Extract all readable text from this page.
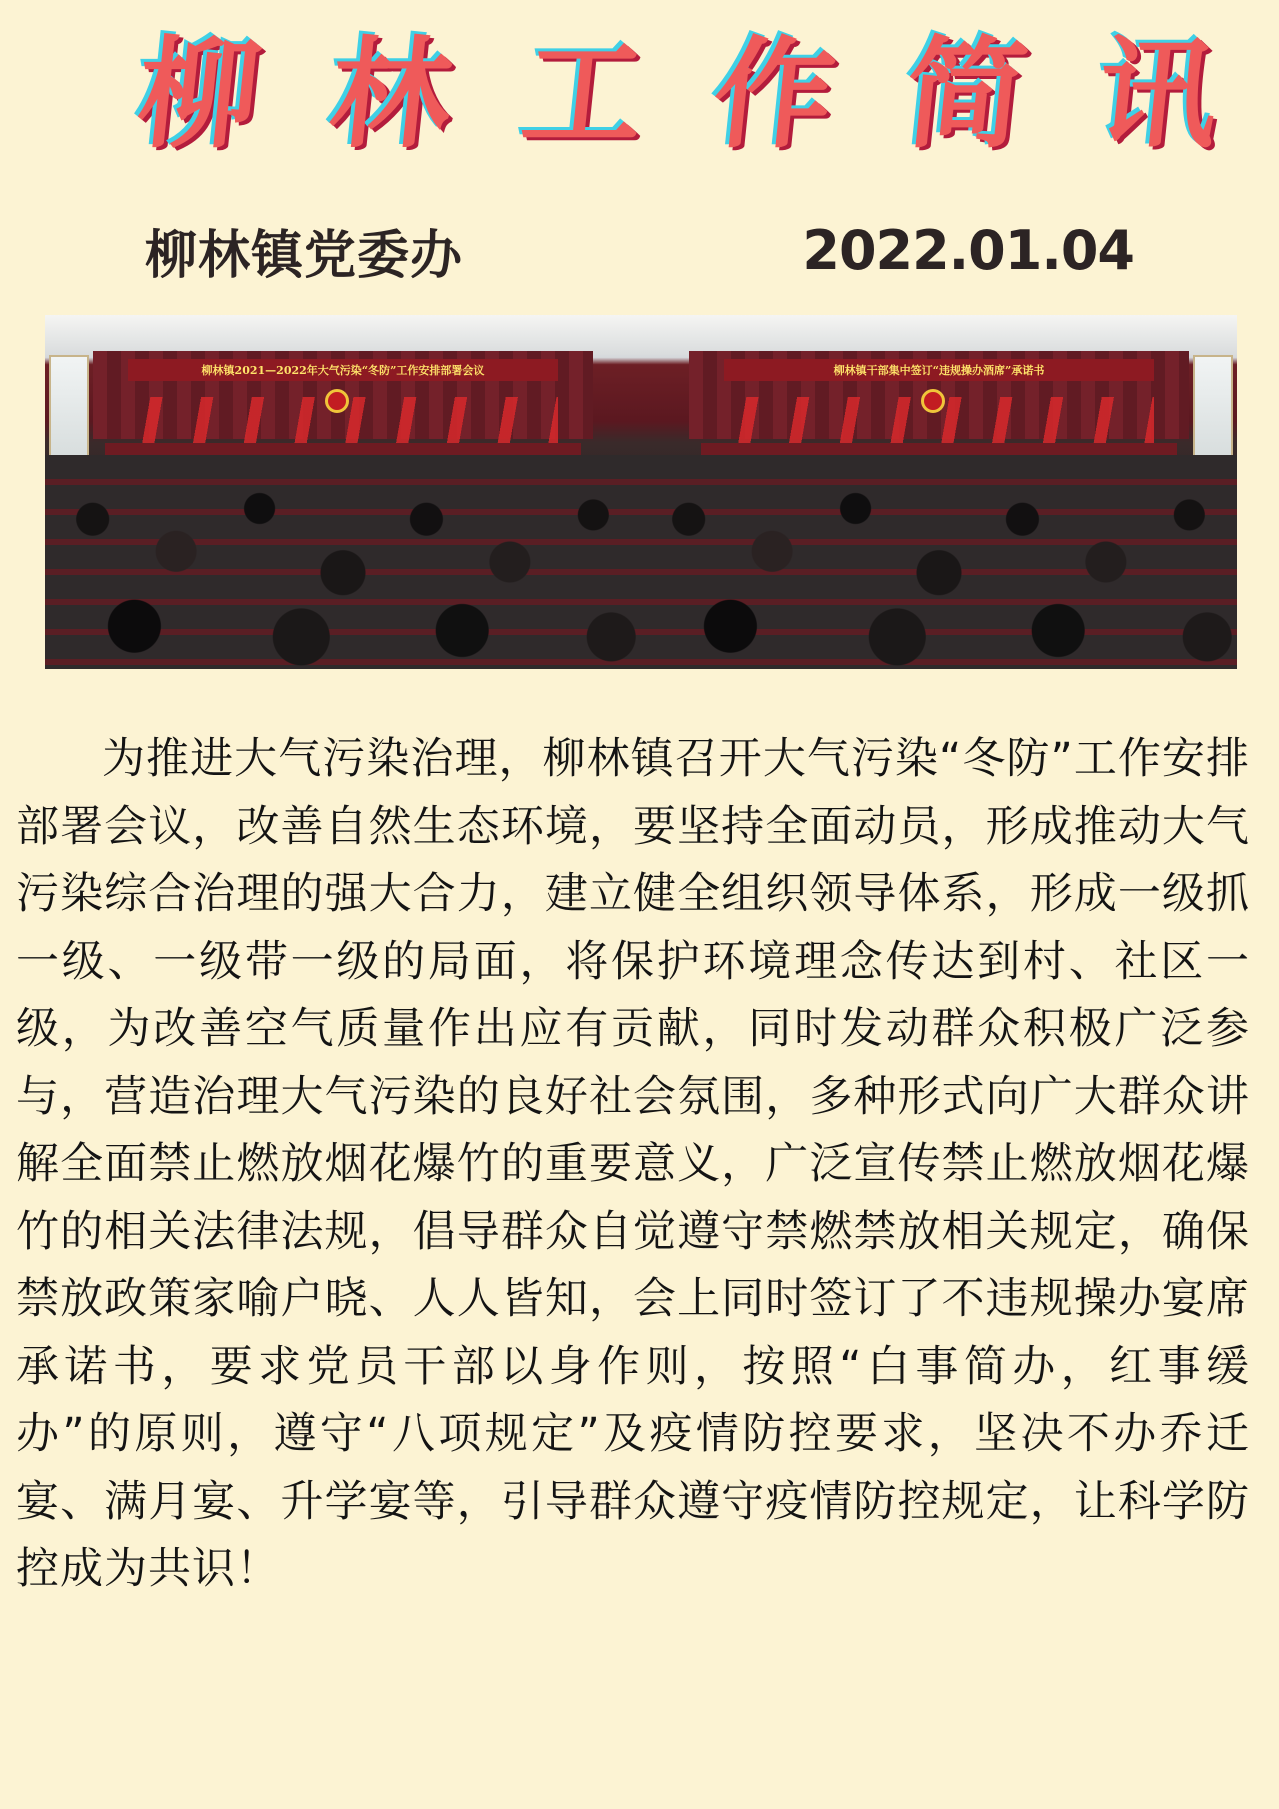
柳 林 工 作 简 讯
柳林镇党委办	2022.01.04
柳林镇2021—2022年大气污染“冬防”工作安排部署会议	柳林镇干部集中签订“违规操办酒席”承诺书

为推进大气污染治理，柳林镇召开大气污染“冬防”工作安排部署会议，改善自然生态环境，要坚持全面动员，形成推动大气污染综合治理的强大合力，建立健全组织领导体系，形成一级抓一级、一级带一级的局面，将保护环境理念传达到村、社区一级，为改善空气质量作出应有贡献，同时发动群众积极广泛参与，营造治理大气污染的良好社会氛围，多种形式向广大群众讲解全面禁止燃放烟花爆竹的重要意义，广泛宣传禁止燃放烟花爆竹的相关法律法规，倡导群众自觉遵守禁燃禁放相关规定，确保禁放政策家喻户晓、人人皆知，会上同时签订了不违规操办宴席承诺书，要求党员干部以身作则，按照“白事简办，红事缓办”的原则，遵守“八项规定”及疫情防控要求，坚决不办乔迁宴、满月宴、升学宴等，引导群众遵守疫情防控规定，让科学防控成为共识！
